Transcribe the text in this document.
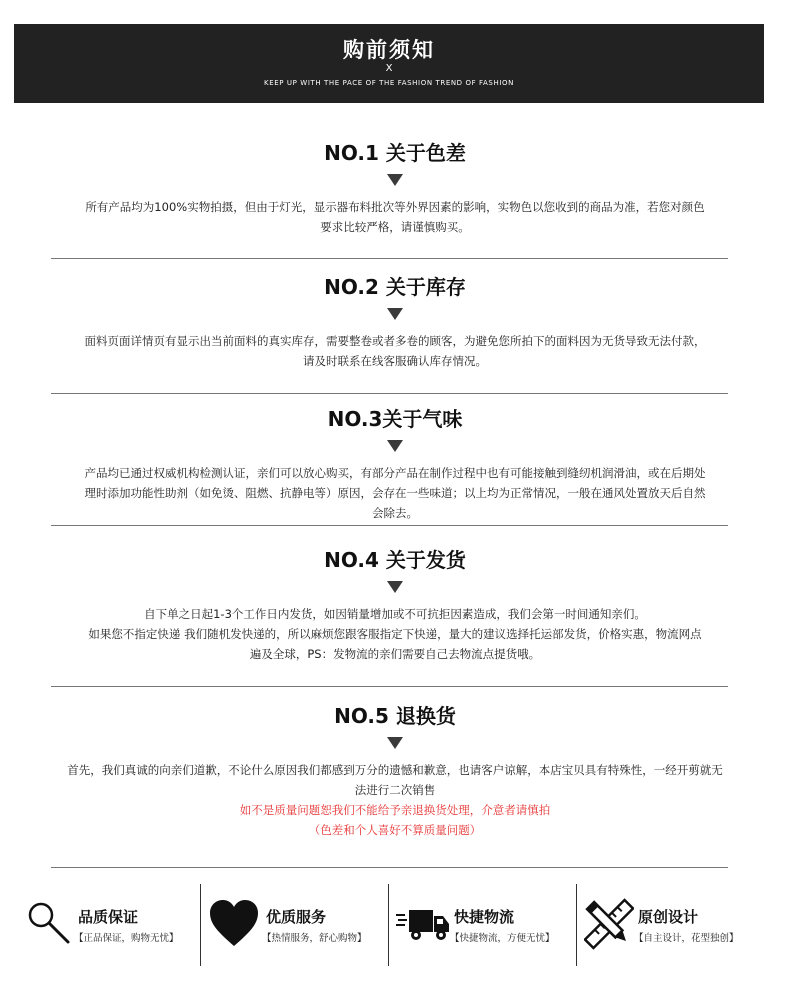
购前须知
X
KEEP UP WITH THE PACE OF THE FASHION TREND OF FASHION
NO.1 关于色差
所有产品均为100%实物拍摄，但由于灯光，显示器布料批次等外界因素的影响，实物色以您收到的商品为准，若您对颜色
要求比较严格，请谨慎购买。
NO.2 关于库存
面料页面详情页有显示出当前面料的真实库存，需要整卷或者多卷的顾客，为避免您所拍下的面料因为无货导致无法付款，
请及时联系在线客服确认库存情况。
NO.3关于气味
产品均已通过权威机构检测认证，亲们可以放心购买，有部分产品在制作过程中也有可能接触到缝纫机润滑油，或在后期处
理时添加功能性助剂（如免烫、阻燃、抗静电等）原因，会存在一些味道；以上均为正常情况，一般在通风处置放天后自然
会除去。
NO.4 关于发货
自下单之日起1-3个工作日内发货，如因销量增加或不可抗拒因素造成，我们会第一时间通知亲们。
如果您不指定快递 我们随机发快递的，所以麻烦您跟客服指定下快递，量大的建议选择托运部发货，价格实惠，物流网点
遍及全球，PS：发物流的亲们需要自己去物流点提货哦。
NO.5 退换货
首先，我们真诚的向亲们道歉，不论什么原因我们都感到万分的遗憾和歉意，也请客户谅解，本店宝贝具有特殊性，一经开剪就无
法进行二次销售
如不是质量问题恕我们不能给予亲退换货处理，介意者请慎拍
（色差和个人喜好不算质量问题）
品质保证
【正品保证，购物无忧】
优质服务
【热情服务，舒心购物】
快捷物流
【快捷物流，方便无忧】
原创设计
【自主设计，花型独创】
